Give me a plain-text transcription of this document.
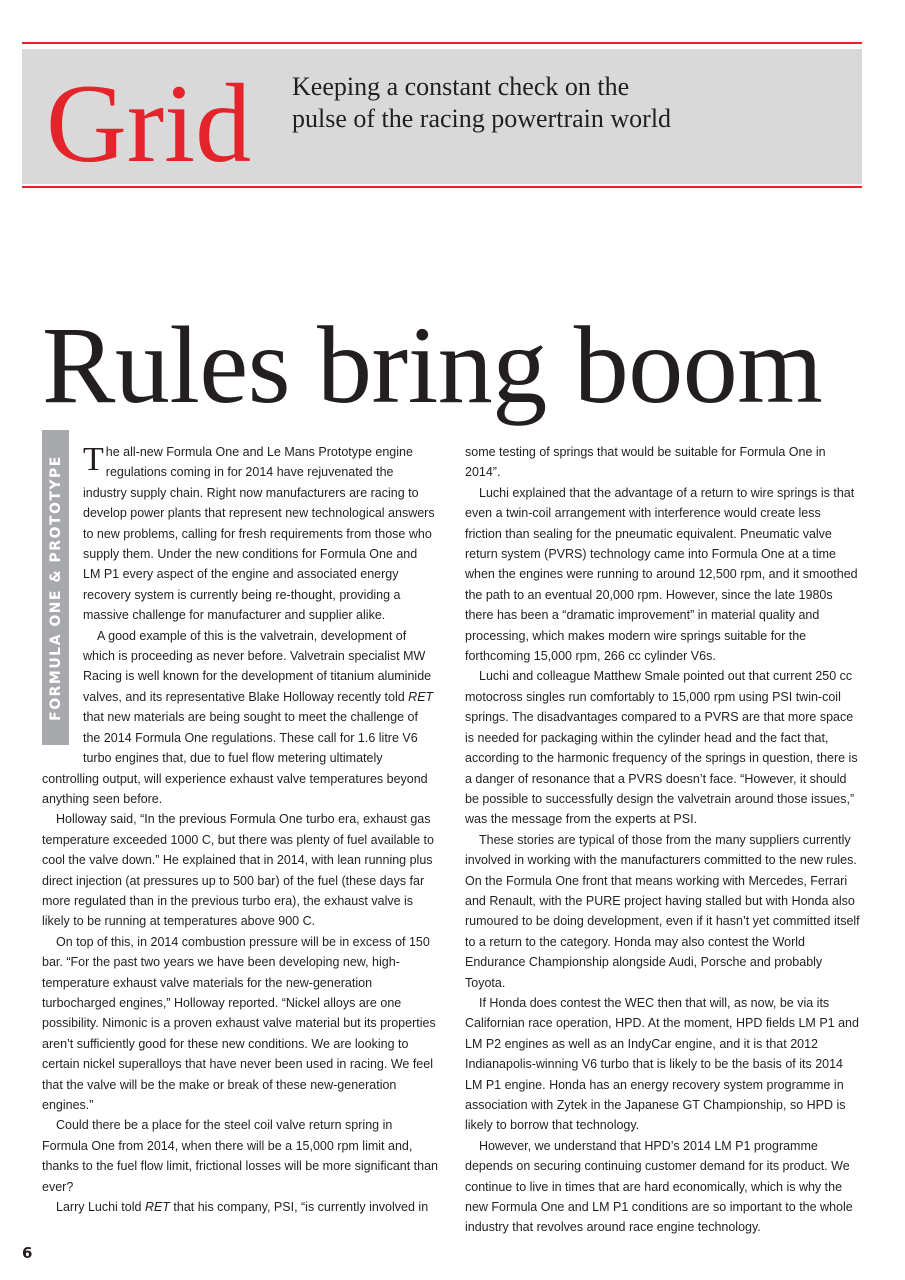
Grid Keeping a constant check on the
pulse of the racing powertrain world
Rules bring boom
FORMULA ONE & PROTOTYPE The all-new Formula One and Le Mans Prototype engine regulations coming in for 2014 have rejuvenated the industry supply chain. Right now manufacturers are racing to develop power plants that represent new technological answers to new problems, calling for fresh requirements from those who supply them. Under the new conditions for Formula One and LM P1 every aspect of the engine and associated energy recovery system is currently being re-thought, providing a massive challenge for manufacturer and supplier alike.

A good example of this is the valvetrain, development of which is proceeding as never before. Valvetrain specialist MW Racing is well known for the development of titanium aluminide valves, and its representative Blake Holloway recently told RET that new materials are being sought to meet the challenge of the 2014 Formula One regulations. These call for 1.6 litre V6 turbo engines that, due to fuel flow metering ultimately controlling output, will experience exhaust valve temperatures beyond anything seen before.

Holloway said, “In the previous Formula One turbo era, exhaust gas temperature exceeded 1000 C, but there was plenty of fuel available to cool the valve down.” He explained that in 2014, with lean running plus direct injection (at pressures up to 500 bar) of the fuel (these days far more regulated than in the previous turbo era), the exhaust valve is likely to be running at temperatures above 900 C.

On top of this, in 2014 combustion pressure will be in excess of 150 bar. “For the past two years we have been developing new, high-temperature exhaust valve materials for the new-generation turbocharged engines,” Holloway reported. “Nickel alloys are one possibility. Nimonic is a proven exhaust valve material but its properties aren’t sufficiently good for these new conditions. We are looking to certain nickel superalloys that have never been used in racing. We feel that the valve will be the make or break of these new-generation engines.”

Could there be a place for the steel coil valve return spring in Formula One from 2014, when there will be a 15,000 rpm limit and, thanks to the fuel flow limit, frictional losses will be more significant than ever?

Larry Luchi told RET that his company, PSI, “is currently involved in

some testing of springs that would be suitable for Formula One in 2014”.

Luchi explained that the advantage of a return to wire springs is that even a twin-coil arrangement with interference would create less friction than sealing for the pneumatic equivalent. Pneumatic valve return system (PVRS) technology came into Formula One at a time when the engines were running to around 12,500 rpm, and it smoothed the path to an eventual 20,000 rpm. However, since the late 1980s there has been a “dramatic improvement” in material quality and processing, which makes modern wire springs suitable for the forthcoming 15,000 rpm, 266 cc cylinder V6s.

Luchi and colleague Matthew Smale pointed out that current 250 cc motocross singles run comfortably to 15,000 rpm using PSI twin-coil springs. The disadvantages compared to a PVRS are that more space is needed for packaging within the cylinder head and the fact that, according to the harmonic frequency of the springs in question, there is a danger of resonance that a PVRS doesn’t face. “However, it should be possible to successfully design the valvetrain around those issues,” was the message from the experts at PSI.

These stories are typical of those from the many suppliers currently involved in working with the manufacturers committed to the new rules. On the Formula One front that means working with Mercedes, Ferrari and Renault, with the PURE project having stalled but with Honda also rumoured to be doing development, even if it hasn’t yet committed itself to a return to the category. Honda may also contest the World Endurance Championship alongside Audi, Porsche and probably Toyota.

If Honda does contest the WEC then that will, as now, be via its Californian race operation, HPD. At the moment, HPD fields LM P1 and LM P2 engines as well as an IndyCar engine, and it is that 2012 Indianapolis-winning V6 turbo that is likely to be the basis of its 2014 LM P1 engine. Honda has an energy recovery system programme in association with Zytek in the Japanese GT Championship, so HPD is likely to borrow that technology.

However, we understand that HPD’s 2014 LM P1 programme depends on securing continuing customer demand for its product. We continue to live in times that are hard economically, which is why the new Formula One and LM P1 conditions are so important to the whole industry that revolves around race engine technology.

6
